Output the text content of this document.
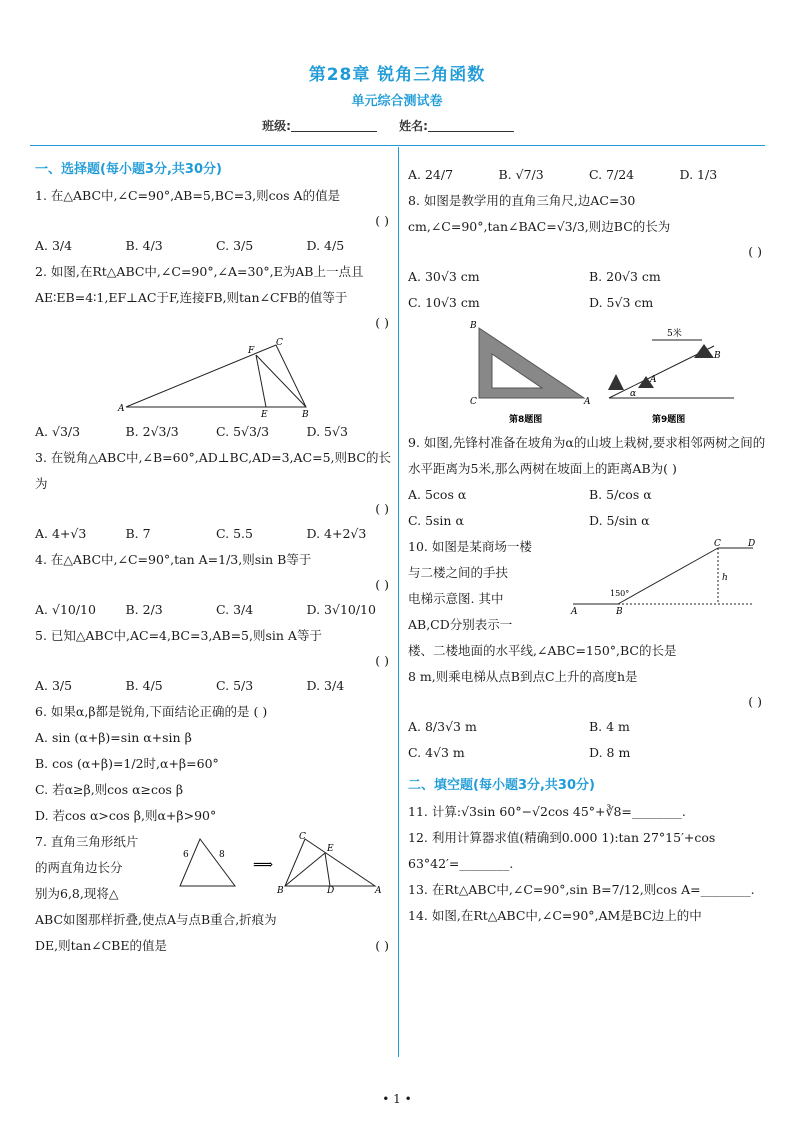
第28章 锐角三角函数
单元综合测试卷
班级:	姓名:
一、选择题(每小题3分,共30分)
1. 在△ABC中,∠C=90°,AB=5,BC=3,则cos A的值是
( )
A. 3/4	B. 4/3	C. 3/5	D. 4/5
2. 如图,在Rt△ABC中,∠C=90°,∠A=30°,E为AB上一点且AE∶EB=4∶1,EF⊥AC于F,连接FB,则tan∠CFB的值等于
( )
A
B
C
F
E
A. √3/3	B. 2√3/3	C. 5√3/3	D. 5√3
3. 在锐角△ABC中,∠B=60°,AD⊥BC,AD=3,AC=5,则BC的长为
( )
A. 4+√3	B. 7	C. 5.5	D. 4+2√3
4. 在△ABC中,∠C=90°,tan A=1/3,则sin B等于
( )
A. √10/10	B. 2/3	C. 3/4	D. 3√10/10
5. 已知△ABC中,AC=4,BC=3,AB=5,则sin A等于
( )
A. 3/5	B. 4/5	C. 5/3	D. 3/4
6. 如果α,β都是锐角,下面结论正确的是 ( )
A. sin (α+β)=sin α+sin β
B. cos (α+β)=1/2时,α+β=60°
C. 若α≥β,则cos α≥cos β
D. 若cos α>cos β,则α+β>90°
7. 直角三角形纸片
的两直角边长分
别为6,8,现将△
ABC如图那样折叠,使点A与点B重合,折痕为
DE,则tan∠CBE的值是	( )
6	8
⟹
B
C
E
D	A
A. 24/7	B. √7/3	C. 7/24	D. 1/3
8. 如图是教学用的直角三角尺,边AC=30 cm,∠C=90°,tan∠BAC=√3/3,则边BC的长为
( )
A. 30√3 cm	B. 20√3 cm
C. 10√3 cm	D. 5√3 cm
B
C	A
5米
A
B
α
第8题图	第9题图
9. 如图,先锋村准备在坡角为α的山坡上栽树,要求相邻两树之间的水平距离为5米,那么两树在坡面上的距离AB为( )
A. 5cos α	B. 5/cos α
C. 5sin α	D. 5/sin α
10. 如图是某商场一楼
与二楼之间的手扶
电梯示意图. 其中
AB,CD分别表示一
楼、二楼地面的水平线,∠ABC=150°,BC的长是
8 m,则乘电梯从点B到点C上升的高度h是
A	B
C	D
h
150°
( )
A. 8/3√3 m	B. 4 m
C. 4√3 m	D. 8 m
二、填空题(每小题3分,共30分)
11. 计算:√3sin 60°−√2cos 45°+∛8=________.
12. 利用计算器求值(精确到0.000 1):tan 27°15′+cos 63°42′=________.
13. 在Rt△ABC中,∠C=90°,sin B=7/12,则cos A=________.
14. 如图,在Rt△ABC中,∠C=90°,AM是BC边上的中
• 1 •
